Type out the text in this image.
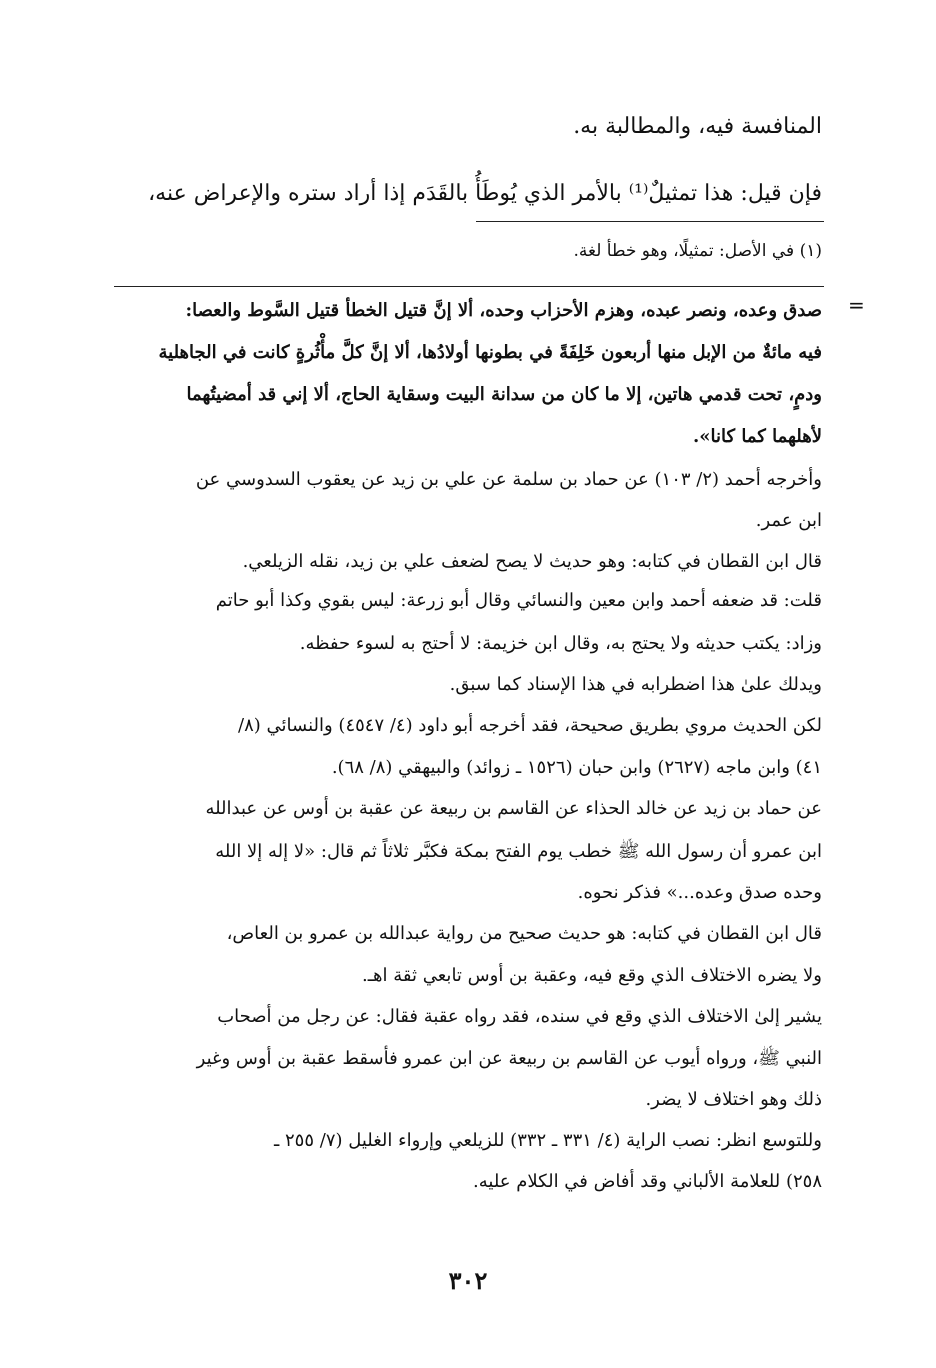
المنافسة فيه، والمطالبة به.
فإن قيل: هذا تمثيلٌ⁽¹⁾ بالأمر الذي يُوطَأُ بالقَدَم إذا أراد ستره والإعراض عنه،
(١) في الأصل: تمثيلًا، وهو خطأ لغة.
=
صدق وعده، ونصر عبده، وهزم الأحزاب وحده، ألا إنَّ قتيل الخطأ قتيل السَّوط والعصا:
فيه مائةٌ من الإبل منها أربعون خَلِفَةً في بطونها أولادُها، ألا إنَّ كلَّ مأْثُرةٍ كانت في الجاهلية
ودمٍ، تحت قدمي هاتين، إلا ما كان من سدانة البيت وسقاية الحاج، ألا إني قد أمضيتُهما
لأهلهما كما كانا».
وأخرجه أحمد (٢/ ١٠٣) عن حماد بن سلمة عن علي بن زيد عن يعقوب السدوسي عن
ابن عمر.
قال ابن القطان في كتابه: وهو حديث لا يصح لضعف علي بن زيد، نقله الزيلعي.
قلت: قد ضعفه أحمد وابن معين والنسائي وقال أبو زرعة: ليس بقوي وكذا أبو حاتم
وزاد: يكتب حديثه ولا يحتج به، وقال ابن خزيمة: لا أحتج به لسوء حفظه.
ويدلك علىٰ هذا اضطرابه في هذا الإسناد كما سبق.
لكن الحديث مروي بطريق صحيحة، فقد أخرجه أبو داود (٤/ ٤٥٤٧) والنسائي (٨/
٤١) وابن ماجه (٢٦٢٧) وابن حبان (١٥٢٦ ـ زوائد) والبيهقي (٨/ ٦٨).
عن حماد بن زيد عن خالد الحذاء عن القاسم بن ربيعة عن عقبة بن أوس عن عبدالله
ابن عمرو أن رسول الله ﷺ خطب يوم الفتح بمكة فكبَّر ثلاثاً ثم قال: «لا إله إلا الله
وحده صدق وعده...» فذكر نحوه.
قال ابن القطان في كتابه: هو حديث صحيح من رواية عبدالله بن عمرو بن العاص،
ولا يضره الاختلاف الذي وقع فيه، وعقبة بن أوس تابعي ثقة اهـ.
يشير إلىٰ الاختلاف الذي وقع في سنده، فقد رواه عقبة فقال: عن رجل من أصحاب
النبي ﷺ، ورواه أيوب عن القاسم بن ربيعة عن ابن عمرو فأسقط عقبة بن أوس وغير
ذلك وهو اختلاف لا يضر.
وللتوسع انظر: نصب الراية (٤/ ٣٣١ ـ ٣٣٢) للزيلعي وإرواء الغليل (٧/ ٢٥٥ ـ
٢٥٨) للعلامة الألباني وقد أفاض في الكلام عليه.
٣٠٢
